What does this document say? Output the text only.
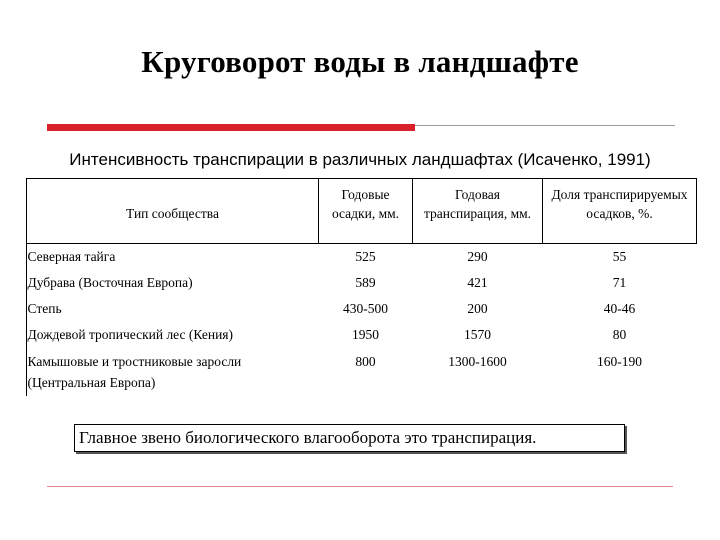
Круговорот воды в ландшафте
Интенсивность транспирации в различных ландшафтах (Исаченко, 1991)
Тип сообщества	Годовые осадки, мм.	Годовая транспирация, мм.	Доля транспирируемых осадков, %.
Северная тайга	525	290	55
Дубрава (Восточная Европа)	589	421	71
Степь	430-500	200	40-46
Дождевой тропический лес (Кения)	1950	1570	80
Камышовые и тростниковые заросли (Центральная Европа)	800	1300-1600	160-190
Главное звено биологического влагооборота это транспирация.
